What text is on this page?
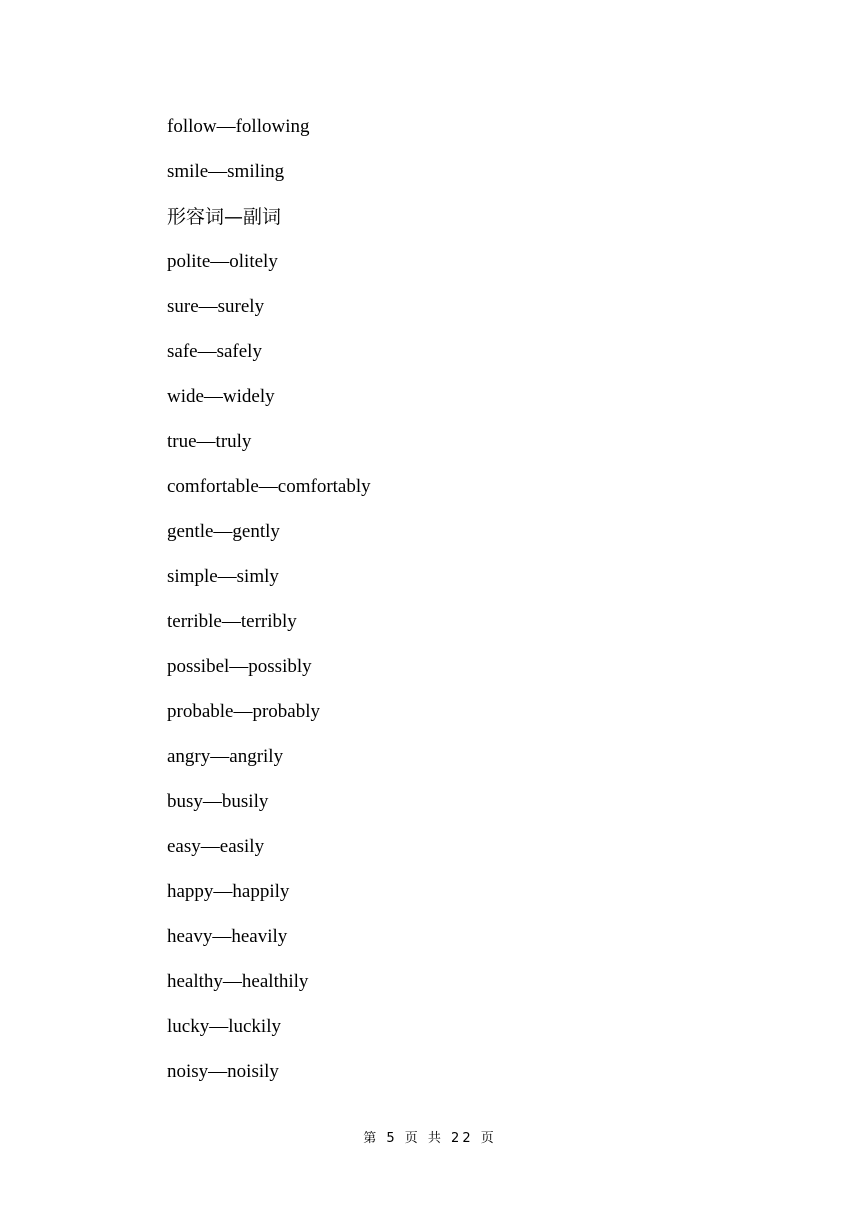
follow—following
smile—smiling
形容词—副词
polite—olitely
sure—surely
safe—safely
wide—widely
true—truly
comfortable—comfortably
gentle—gently
simple—simly
terrible—terribly
possibel—possibly
probable—probably
angry—angrily
busy—busily
easy—easily
happy—happily
heavy—heavily
healthy—healthily
lucky—luckily
noisy—noisily
第 5 页 共 22 页
